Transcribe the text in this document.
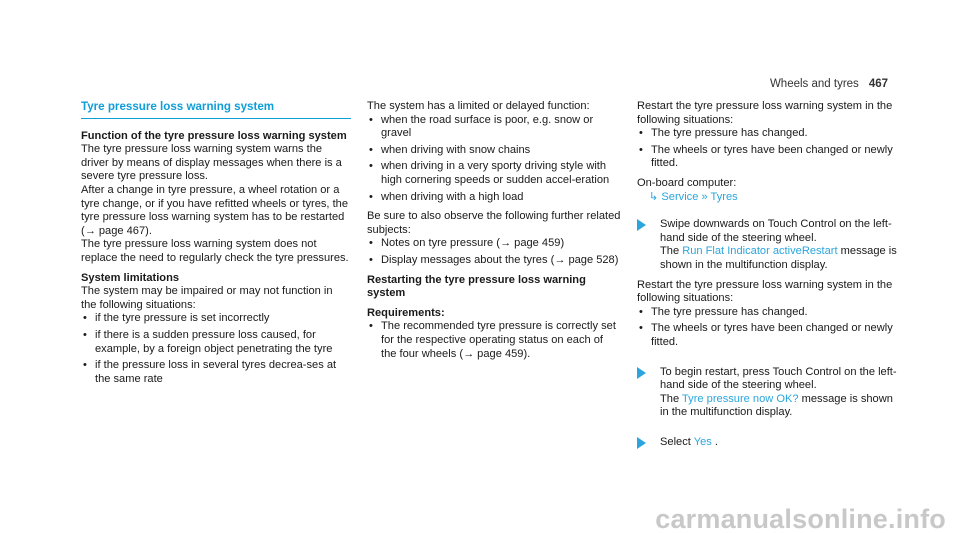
Wheels and tyres 467
Tyre pressure loss warning system

Function of the tyre pressure loss warning system

The tyre pressure loss warning system warns the driver by means of display messages when there is a severe tyre pressure loss.

After a change in tyre pressure, a wheel rotation or a tyre change, or if you have refitted wheels or tyres, the tyre pressure loss warning system has to be restarted (→ page 467).

The tyre pressure loss warning system does not replace the need to regularly check the tyre pressures.

System limitations

The system may be impaired or may not function in the following situations:

• if the tyre pressure is set incorrectly
• if there is a sudden pressure loss caused, for example, by a foreign object penetrating the tyre
• if the pressure loss in several tyres decrea-ses at the same rate

The system has a limited or delayed function:

• when the road surface is poor, e.g. snow or gravel
• when driving with snow chains
• when driving in a very sporty driving style with high cornering speeds or sudden accel-eration
• when driving with a high load

Be sure to also observe the following further related subjects:

• Notes on tyre pressure (→ page 459)
• Display messages about the tyres (→ page 528)

Restarting the tyre pressure loss warning system

Requirements:

• The recommended tyre pressure is correctly set for the respective operating status on each of the four wheels (→ page 459).

Restart the tyre pressure loss warning system in the following situations:

• The tyre pressure has changed.
• The wheels or tyres have been changed or newly fitted.

On-board computer:

↳ Service » Tyres
Swipe downwards on Touch Control on the left-hand side of the steering wheel.
The Run Flat Indicator activeRestart message is shown in the multifunction display.

Restart the tyre pressure loss warning system in the following situations:

• The tyre pressure has changed.
• The wheels or tyres have been changed or newly fitted.
To begin restart, press Touch Control on the left-hand side of the steering wheel.
The Tyre pressure now OK? message is shown in the multifunction display.
Select Yes .
carmanualsonline.info
